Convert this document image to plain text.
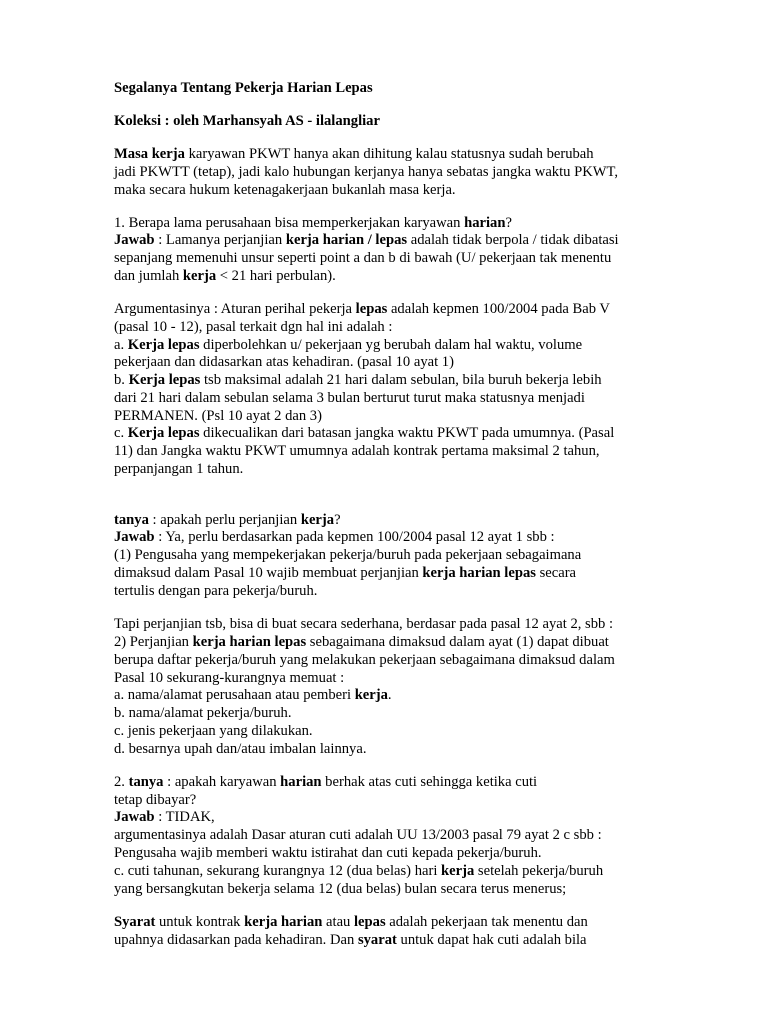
Segalanya Tentang Pekerja Harian Lepas
Koleksi : oleh Marhansyah AS - ilalangliar
Masa kerja karyawan PKWT hanya akan dihitung kalau statusnya sudah berubah
jadi PKWTT (tetap), jadi kalo hubungan kerjanya hanya sebatas jangka waktu PKWT,
maka secara hukum ketenagakerjaan bukanlah masa kerja.
1. Berapa lama perusahaan bisa memperkerjakan karyawan harian?
Jawab : Lamanya perjanjian kerja harian / lepas adalah tidak berpola / tidak dibatasi
sepanjang memenuhi unsur seperti point a dan b di bawah (U/ pekerjaan tak menentu
dan jumlah kerja < 21 hari perbulan).
Argumentasinya : Aturan perihal pekerja lepas adalah kepmen 100/2004 pada Bab V
(pasal 10 - 12), pasal terkait dgn hal ini adalah :
a. Kerja lepas diperbolehkan u/ pekerjaan yg berubah dalam hal waktu, volume
pekerjaan dan didasarkan atas kehadiran. (pasal 10 ayat 1)
b. Kerja lepas tsb maksimal adalah 21 hari dalam sebulan, bila buruh bekerja lebih
dari 21 hari dalam sebulan selama 3 bulan berturut turut maka statusnya menjadi
PERMANEN. (Psl 10 ayat 2 dan 3)
c. Kerja lepas dikecualikan dari batasan jangka waktu PKWT pada umumnya. (Pasal
11) dan Jangka waktu PKWT umumnya adalah kontrak pertama maksimal 2 tahun,
perpanjangan 1 tahun.
tanya : apakah perlu perjanjian kerja?
Jawab : Ya, perlu berdasarkan pada kepmen 100/2004 pasal 12 ayat 1 sbb :
(1) Pengusaha yang mempekerjakan pekerja/buruh pada pekerjaan sebagaimana
dimaksud dalam Pasal 10 wajib membuat perjanjian kerja harian lepas secara
tertulis dengan para pekerja/buruh.
Tapi perjanjian tsb, bisa di buat secara sederhana, berdasar pada pasal 12 ayat 2, sbb :
2) Perjanjian kerja harian lepas sebagaimana dimaksud dalam ayat (1) dapat dibuat
berupa daftar pekerja/buruh yang melakukan pekerjaan sebagaimana dimaksud dalam
Pasal 10 sekurang-kurangnya memuat :
a. nama/alamat perusahaan atau pemberi kerja.
b. nama/alamat pekerja/buruh.
c. jenis pekerjaan yang dilakukan.
d. besarnya upah dan/atau imbalan lainnya.
2. tanya : apakah karyawan harian berhak atas cuti sehingga ketika cuti
tetap dibayar?
Jawab : TIDAK,
argumentasinya adalah Dasar aturan cuti adalah UU 13/2003 pasal 79 ayat 2 c sbb :
Pengusaha wajib memberi waktu istirahat dan cuti kepada pekerja/buruh.
c. cuti tahunan, sekurang kurangnya 12 (dua belas) hari kerja setelah pekerja/buruh
yang bersangkutan bekerja selama 12 (dua belas) bulan secara terus menerus;
Syarat untuk kontrak kerja harian atau lepas adalah pekerjaan tak menentu dan
upahnya didasarkan pada kehadiran. Dan syarat untuk dapat hak cuti adalah bila
